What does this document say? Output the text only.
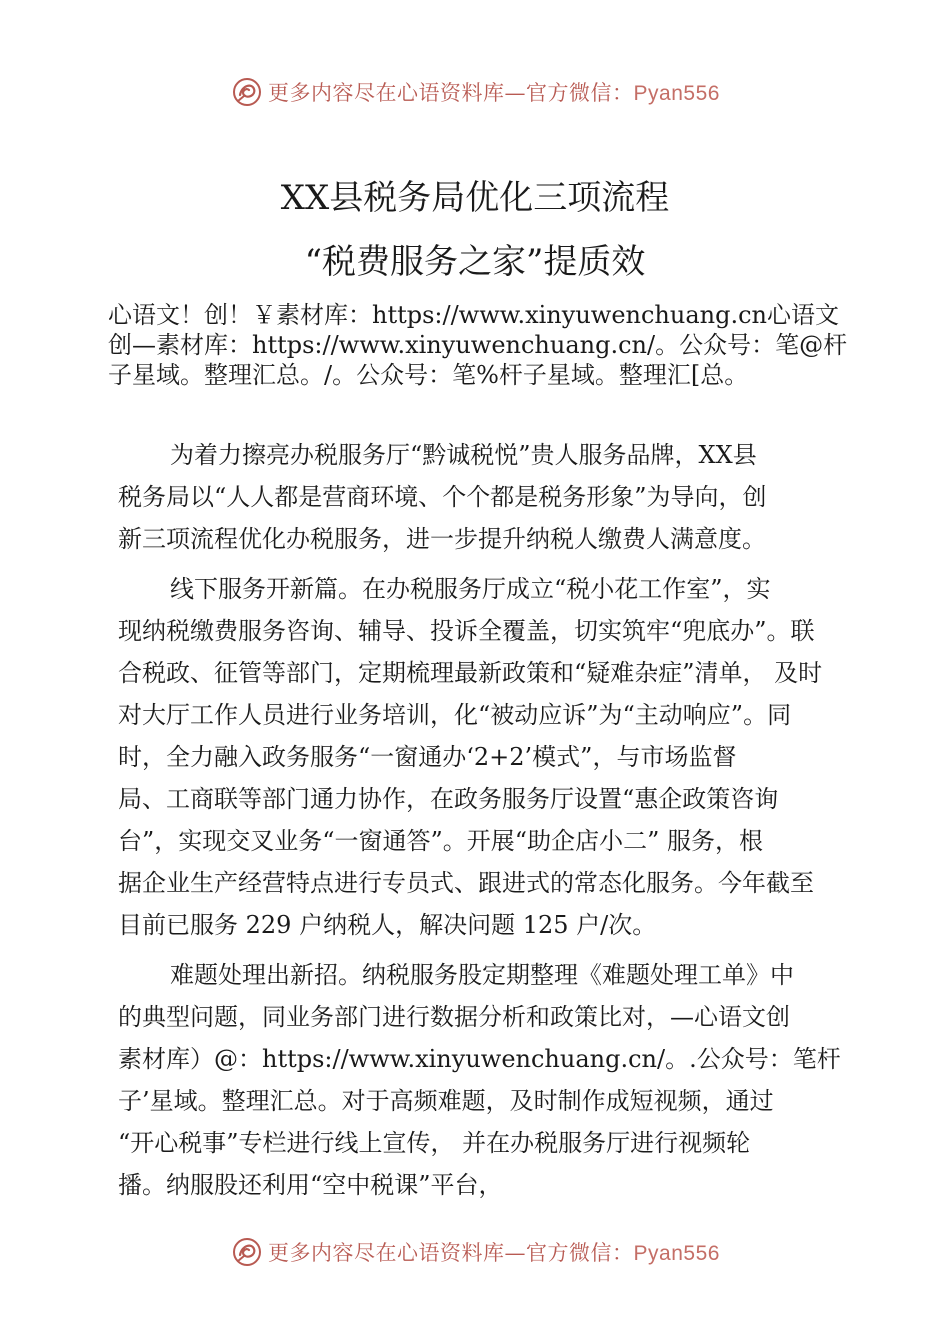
更多内容尽在心语资料库—官方微信：Pyan556
XX县税务局优化三项流程
“税费服务之家”提质效
心语文！创！￥素材库：https://www.xinyuwenchuang.cn心语文
创—素材库：https://www.xinyuwenchuang.cn/。公众号：笔@杆
子星域。整理汇总。/。公众号：笔%杆子星域。整理汇[总。
为着力擦亮办税服务厅“黔诚税悦”贵人服务品牌，XX县
税务局以“人人都是营商环境、个个都是税务形象”为导向，创
新三项流程优化办税服务，进一步提升纳税人缴费人满意度。
线下服务开新篇。在办税服务厅成立“税小花工作室”，实
现纳税缴费服务咨询、辅导、投诉全覆盖，切实筑牢“兜底办”。联
合税政、征管等部门，定期梳理最新政策和“疑难杂症”清单， 及时
对大厅工作人员进行业务培训，化“被动应诉”为“主动响应”。同
时，全力融入政务服务“一窗通办‘2+2’模式”，与市场监督
局、工商联等部门通力协作，在政务服务厅设置“惠企政策咨询
台”，实现交叉业务“一窗通答”。开展“助企店小二” 服务，根
据企业生产经营特点进行专员式、跟进式的常态化服务。今年截至
目前已服务 229 户纳税人，解决问题 125 户/次。
难题处理出新招。纳税服务股定期整理《难题处理工单》中
的典型问题，同业务部门进行数据分析和政策比对，—心语文创
素材库）@：https://www.xinyuwenchuang.cn/。.公众号：笔杆
子’星域。整理汇总。对于高频难题，及时制作成短视频，通过
“开心税事”专栏进行线上宣传， 并在办税服务厅进行视频轮
播。纳服股还利用“空中税课”平台，
更多内容尽在心语资料库—官方微信：Pyan556
